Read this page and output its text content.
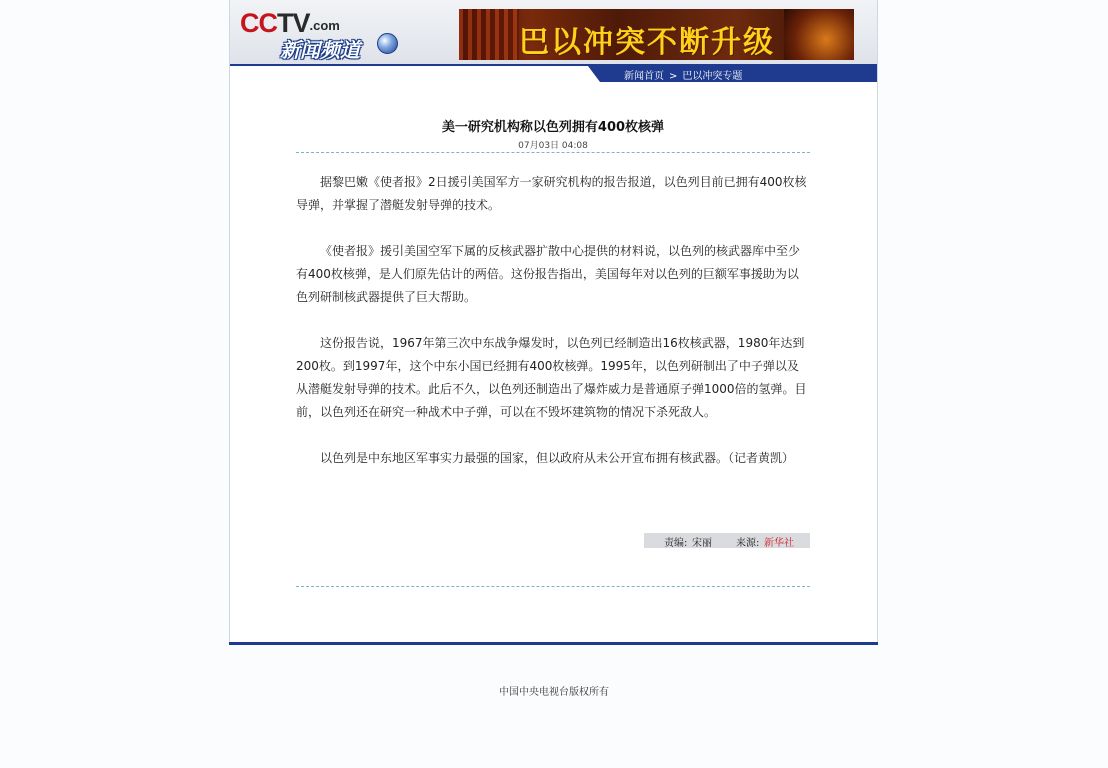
CCTV.com
新闻频道	巴以冲突不断升级
新闻首页 > 巴以冲突专题
美一研究机构称以色列拥有400枚核弹
07月03日 04:08

据黎巴嫩《使者报》2日援引美国军方一家研究机构的报告报道，以色列目前已拥有400枚核导弹，并掌握了潜艇发射导弹的技术。

《使者报》援引美国空军下属的反核武器扩散中心提供的材料说，以色列的核武器库中至少有400枚核弹，是人们原先估计的两倍。这份报告指出，美国每年对以色列的巨额军事援助为以色列研制核武器提供了巨大帮助。

这份报告说，1967年第三次中东战争爆发时，以色列已经制造出16枚核武器，1980年达到200枚。到1997年，这个中东小国已经拥有400枚核弹。1995年，以色列研制出了中子弹以及从潜艇发射导弹的技术。此后不久，以色列还制造出了爆炸威力是普通原子弹1000倍的氢弹。目前，以色列还在研究一种战术中子弹，可以在不毁坏建筑物的情况下杀死敌人。

以色列是中东地区军事实力最强的国家，但以政府从未公开宣布拥有核武器。（记者黄凯）

责编: 宋丽 来源: 新华社
中国中央电视台版权所有
